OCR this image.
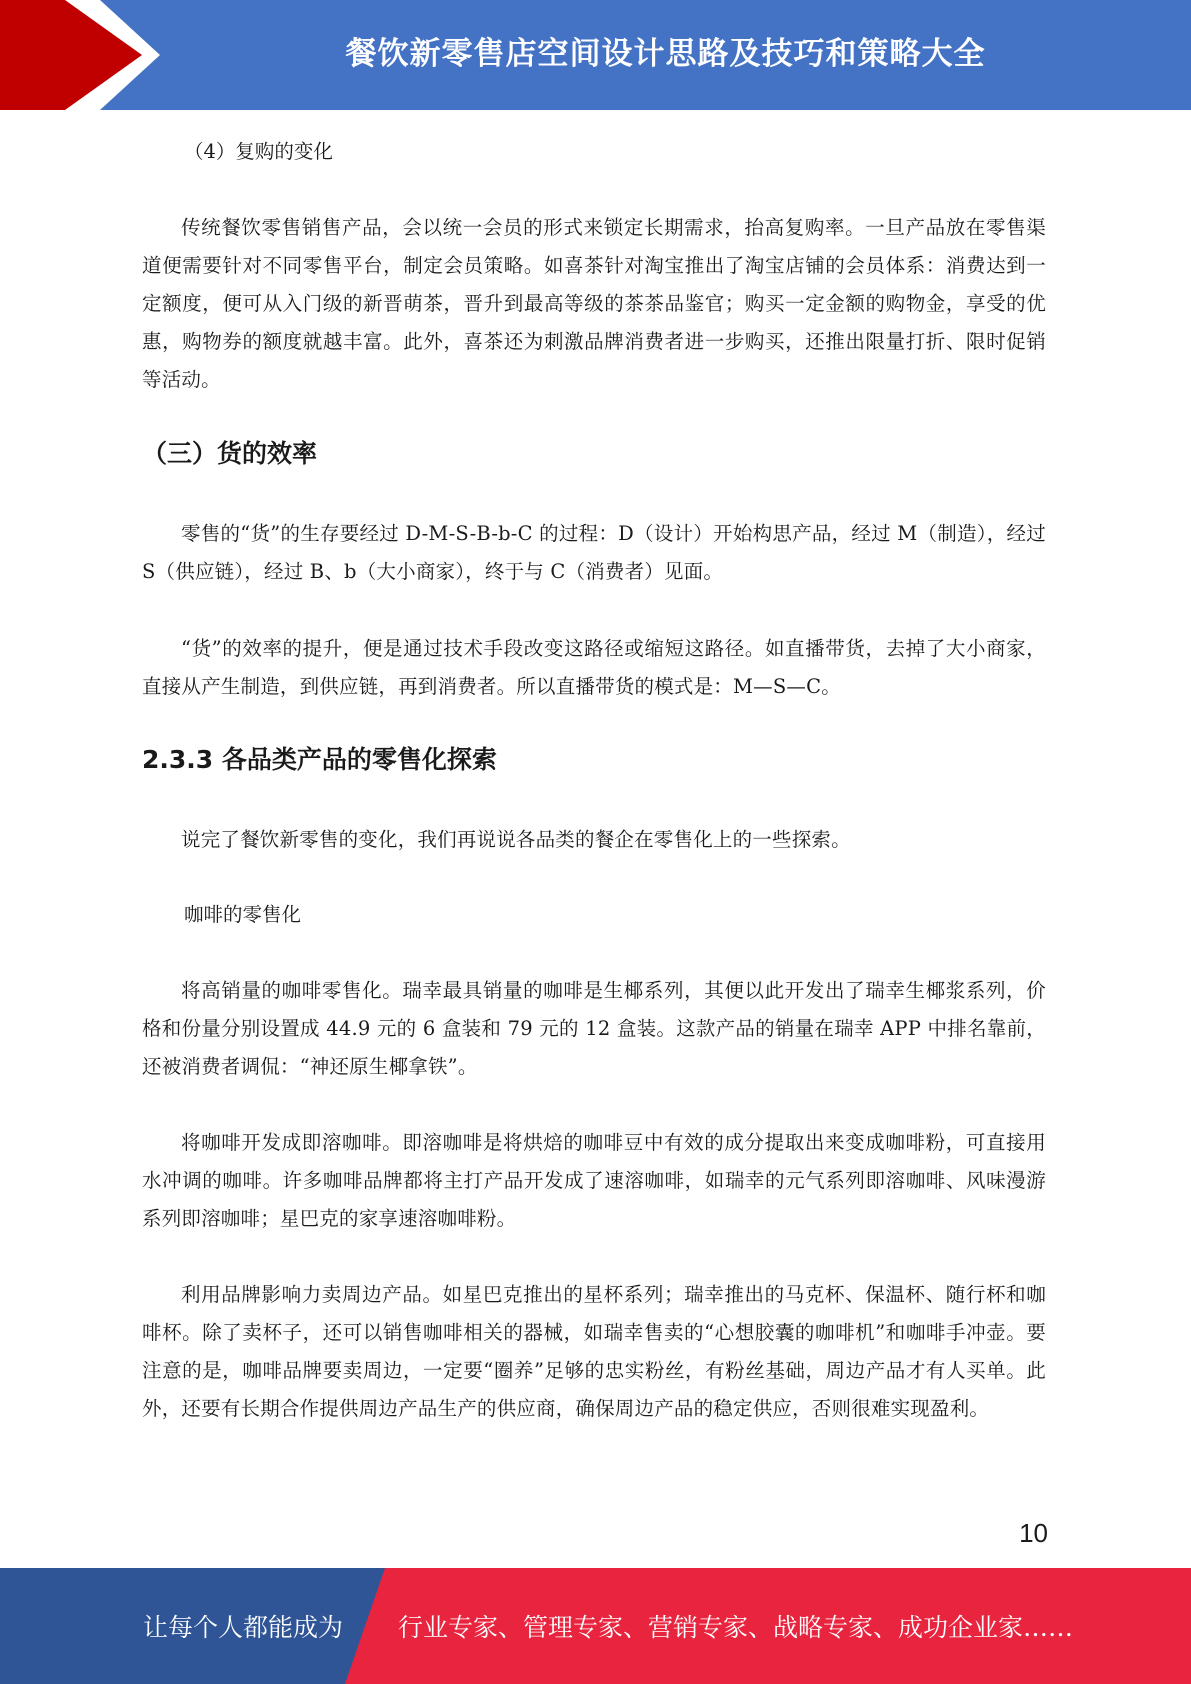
餐饮新零售店空间设计思路及技巧和策略大全

（4）复购的变化

传统餐饮零售销售产品，会以统一会员的形式来锁定长期需求，抬高复购率。一旦产品放在零售渠道便需要针对不同零售平台，制定会员策略。如喜茶针对淘宝推出了淘宝店铺的会员体系：消费达到一定额度，便可从入门级的新晋萌茶，晋升到最高等级的茶茶品鉴官；购买一定金额的购物金，享受的优惠，购物券的额度就越丰富。此外，喜茶还为刺激品牌消费者进一步购买，还推出限量打折、限时促销等活动。

（三）货的效率

零售的“货”的生存要经过 D-M-S-B-b-C 的过程：D（设计）开始构思产品，经过 M（制造），经过 S（供应链），经过 B、b（大小商家），终于与 C（消费者）见面。

“货”的效率的提升，便是通过技术手段改变这路径或缩短这路径。如直播带货，去掉了大小商家，直接从产生制造，到供应链，再到消费者。所以直播带货的模式是：M—S—C。

2.3.3 各品类产品的零售化探索

说完了餐饮新零售的变化，我们再说说各品类的餐企在零售化上的一些探索。

咖啡的零售化

将高销量的咖啡零售化。瑞幸最具销量的咖啡是生椰系列，其便以此开发出了瑞幸生椰浆系列，价格和份量分别设置成 44.9 元的 6 盒装和 79 元的 12 盒装。这款产品的销量在瑞幸 APP 中排名靠前，还被消费者调侃：“神还原生椰拿铁”。

将咖啡开发成即溶咖啡。即溶咖啡是将烘焙的咖啡豆中有效的成分提取出来变成咖啡粉，可直接用水冲调的咖啡。许多咖啡品牌都将主打产品开发成了速溶咖啡，如瑞幸的元气系列即溶咖啡、风味漫游系列即溶咖啡；星巴克的家享速溶咖啡粉。

利用品牌影响力卖周边产品。如星巴克推出的星杯系列；瑞幸推出的马克杯、保温杯、随行杯和咖啡杯。除了卖杯子，还可以销售咖啡相关的器械，如瑞幸售卖的“心想胶囊的咖啡机”和咖啡手冲壶。要注意的是，咖啡品牌要卖周边，一定要“圈养”足够的忠实粉丝，有粉丝基础，周边产品才有人买单。此外，还要有长期合作提供周边产品生产的供应商，确保周边产品的稳定供应，否则很难实现盈利。

10
让每个人都能成为 行业专家、管理专家、营销专家、战略专家、成功企业家……
